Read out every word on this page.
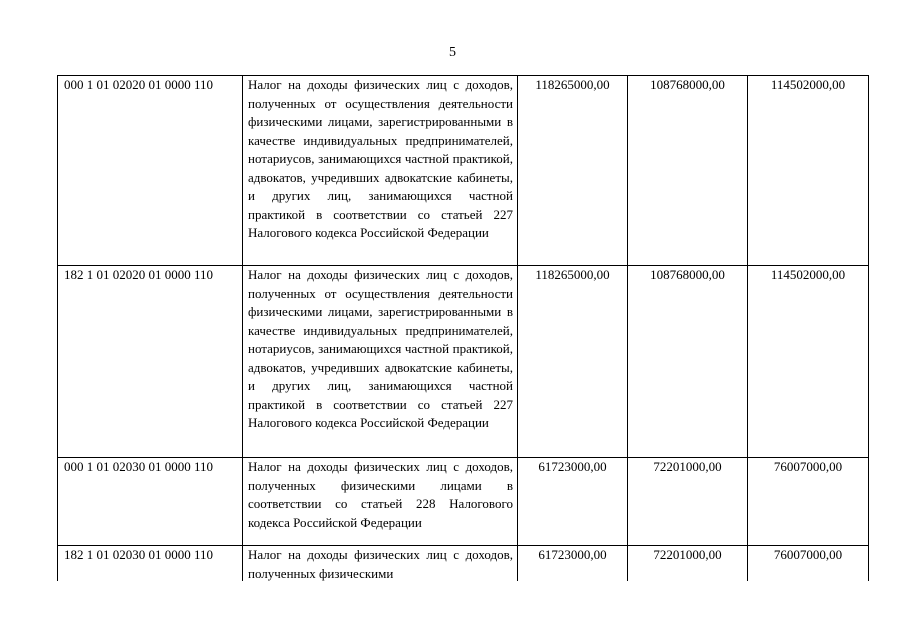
5
000 1 01 02020 01 0000 110	Налог на доходы физических лиц с доходов, полученных от осуществления деятельности физическими лицами, зарегистрированными в качестве индивидуальных предпринимателей, нотариусов, занимающихся частной практикой, адвокатов, учредивших адвокатские кабинеты, и других лиц, занимающихся частной практикой в соответствии со статьей 227 Налогового кодекса Российской Федерации	118265000,00	108768000,00	114502000,00
182 1 01 02020 01 0000 110	Налог на доходы физических лиц с доходов, полученных от осуществления деятельности физическими лицами, зарегистрированными в качестве индивидуальных предпринимателей, нотариусов, занимающихся частной практикой, адвокатов, учредивших адвокатские кабинеты, и других лиц, занимающихся частной практикой в соответствии со статьей 227 Налогового кодекса Российской Федерации	118265000,00	108768000,00	114502000,00
000 1 01 02030 01 0000 110	Налог на доходы физических лиц с доходов, полученных физическими лицами в соответствии со статьей 228 Налогового кодекса Российской Федерации	61723000,00	72201000,00	76007000,00
182 1 01 02030 01 0000 110	Налог на доходы физических лиц с доходов, полученных физическими	61723000,00	72201000,00	76007000,00
